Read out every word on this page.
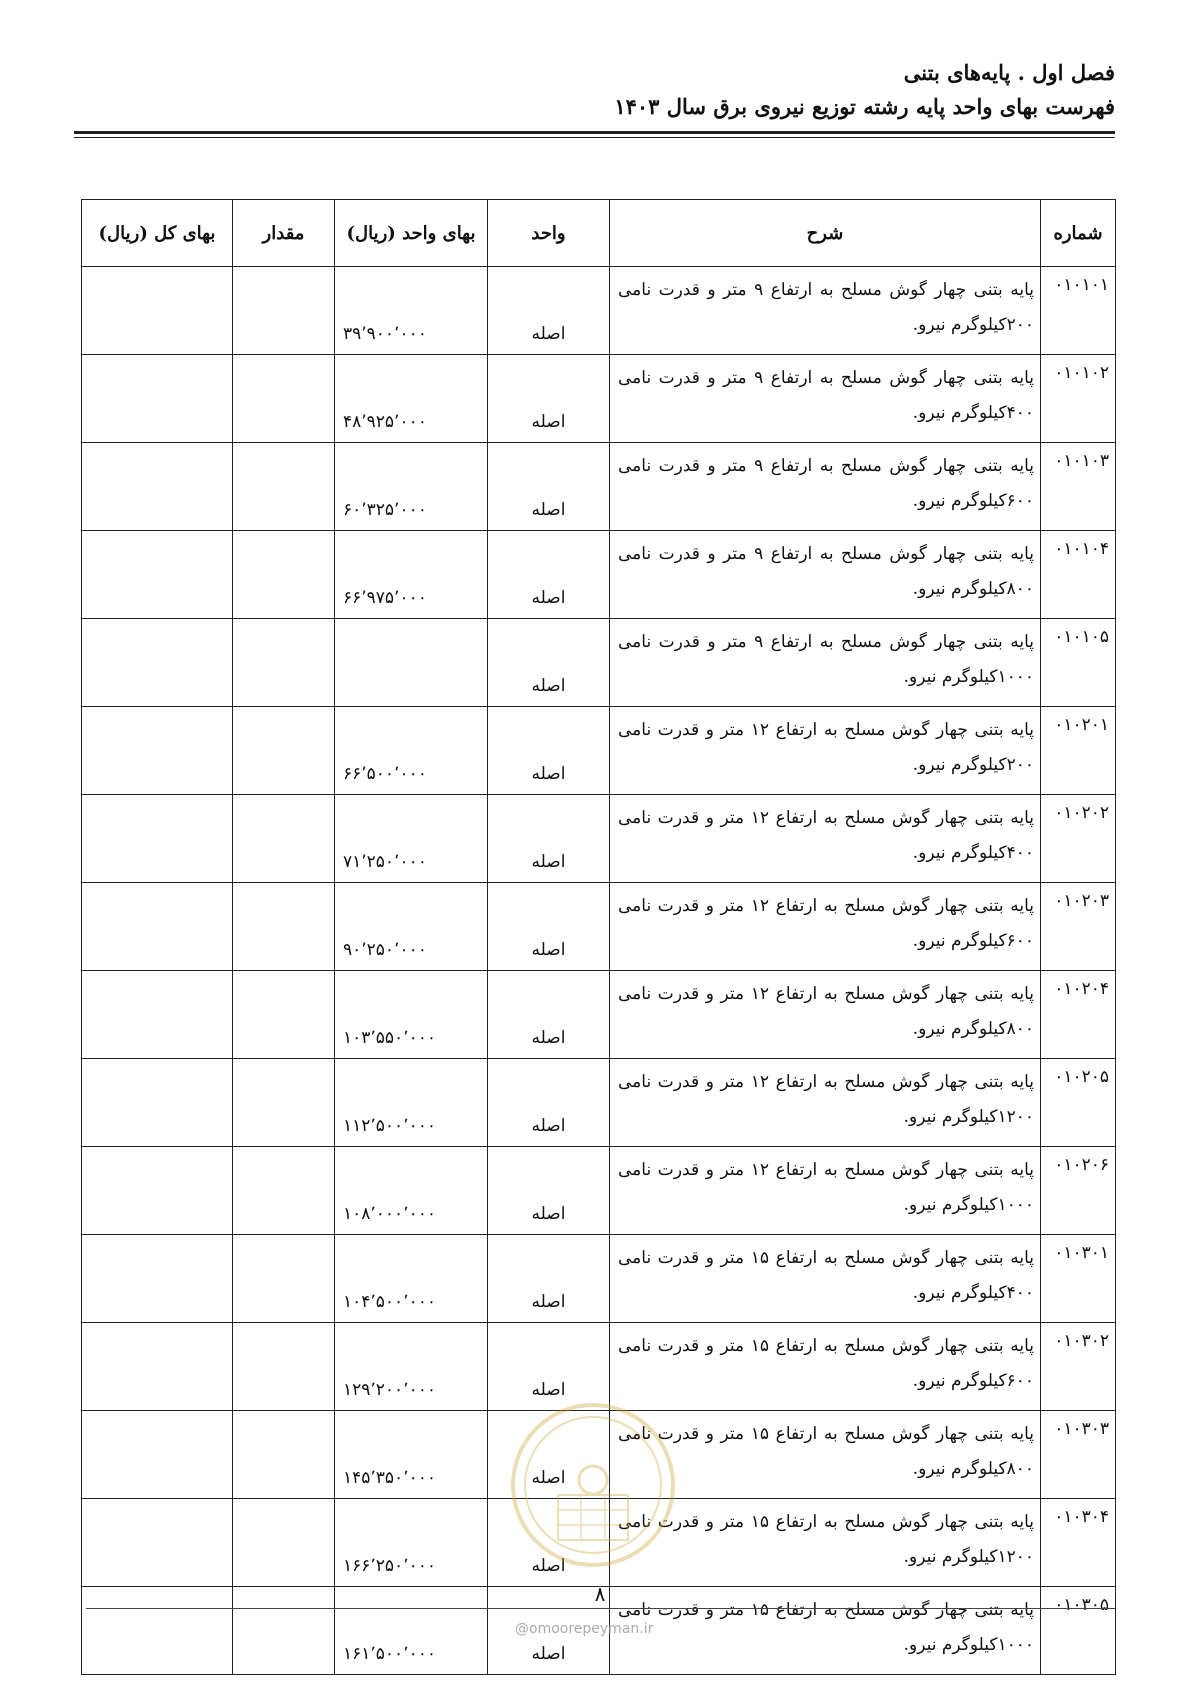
فصل اول . پایه‌های بتنی
فهرست بهای واحد پایه رشته توزیع نیروی برق سال ۱۴۰۳
شماره	شرح	واحد	بهای واحد (ریال)	مقدار	بهای کل (ریال)
۰۱۰۱۰۱	پایه بتنی چهار گوش مسلح به ارتفاع ۹ متر و قدرت نامی ۲۰۰کیلوگرم نیرو.	اصله	۳۹٬۹۰۰٬۰۰۰		
۰۱۰۱۰۲	پایه بتنی چهار گوش مسلح به ارتفاع ۹ متر و قدرت نامی ۴۰۰کیلوگرم نیرو.	اصله	۴۸٬۹۲۵٬۰۰۰		
۰۱۰۱۰۳	پایه بتنی چهار گوش مسلح به ارتفاع ۹ متر و قدرت نامی ۶۰۰کیلوگرم نیرو.	اصله	۶۰٬۳۲۵٬۰۰۰		
۰۱۰۱۰۴	پایه بتنی چهار گوش مسلح به ارتفاع ۹ متر و قدرت نامی ۸۰۰کیلوگرم نیرو.	اصله	۶۶٬۹۷۵٬۰۰۰		
۰۱۰۱۰۵	پایه بتنی چهار گوش مسلح به ارتفاع ۹ متر و قدرت نامی ۱۰۰۰کیلوگرم نیرو.	اصله			
۰۱۰۲۰۱	پایه بتنی چهار گوش مسلح به ارتفاع ۱۲ متر و قدرت نامی ۲۰۰کیلوگرم نیرو.	اصله	۶۶٬۵۰۰٬۰۰۰		
۰۱۰۲۰۲	پایه بتنی چهار گوش مسلح به ارتفاع ۱۲ متر و قدرت نامی ۴۰۰کیلوگرم نیرو.	اصله	۷۱٬۲۵۰٬۰۰۰		
۰۱۰۲۰۳	پایه بتنی چهار گوش مسلح به ارتفاع ۱۲ متر و قدرت نامی ۶۰۰کیلوگرم نیرو.	اصله	۹۰٬۲۵۰٬۰۰۰		
۰۱۰۲۰۴	پایه بتنی چهار گوش مسلح به ارتفاع ۱۲ متر و قدرت نامی ۸۰۰کیلوگرم نیرو.	اصله	۱۰۳٬۵۵۰٬۰۰۰		
۰۱۰۲۰۵	پایه بتنی چهار گوش مسلح به ارتفاع ۱۲ متر و قدرت نامی ۱۲۰۰کیلوگرم نیرو.	اصله	۱۱۲٬۵۰۰٬۰۰۰		
۰۱۰۲۰۶	پایه بتنی چهار گوش مسلح به ارتفاع ۱۲ متر و قدرت نامی ۱۰۰۰کیلوگرم نیرو.	اصله	۱۰۸٬۰۰۰٬۰۰۰		
۰۱۰۳۰۱	پایه بتنی چهار گوش مسلح به ارتفاع ۱۵ متر و قدرت نامی ۴۰۰کیلوگرم نیرو.	اصله	۱۰۴٬۵۰۰٬۰۰۰		
۰۱۰۳۰۲	پایه بتنی چهار گوش مسلح به ارتفاع ۱۵ متر و قدرت نامی ۶۰۰کیلوگرم نیرو.	اصله	۱۲۹٬۲۰۰٬۰۰۰		
۰۱۰۳۰۳	پایه بتنی چهار گوش مسلح به ارتفاع ۱۵ متر و قدرت نامی ۸۰۰کیلوگرم نیرو.	اصله	۱۴۵٬۳۵۰٬۰۰۰		
۰۱۰۳۰۴	پایه بتنی چهار گوش مسلح به ارتفاع ۱۵ متر و قدرت نامی ۱۲۰۰کیلوگرم نیرو.	اصله	۱۶۶٬۲۵۰٬۰۰۰		
۰۱۰۳۰۵	پایه بتنی چهار گوش مسلح به ارتفاع ۱۵ متر و قدرت نامی ۱۰۰۰کیلوگرم نیرو.	اصله	۱۶۱٬۵۰۰٬۰۰۰		
۸
@omoorepeyman.ir
